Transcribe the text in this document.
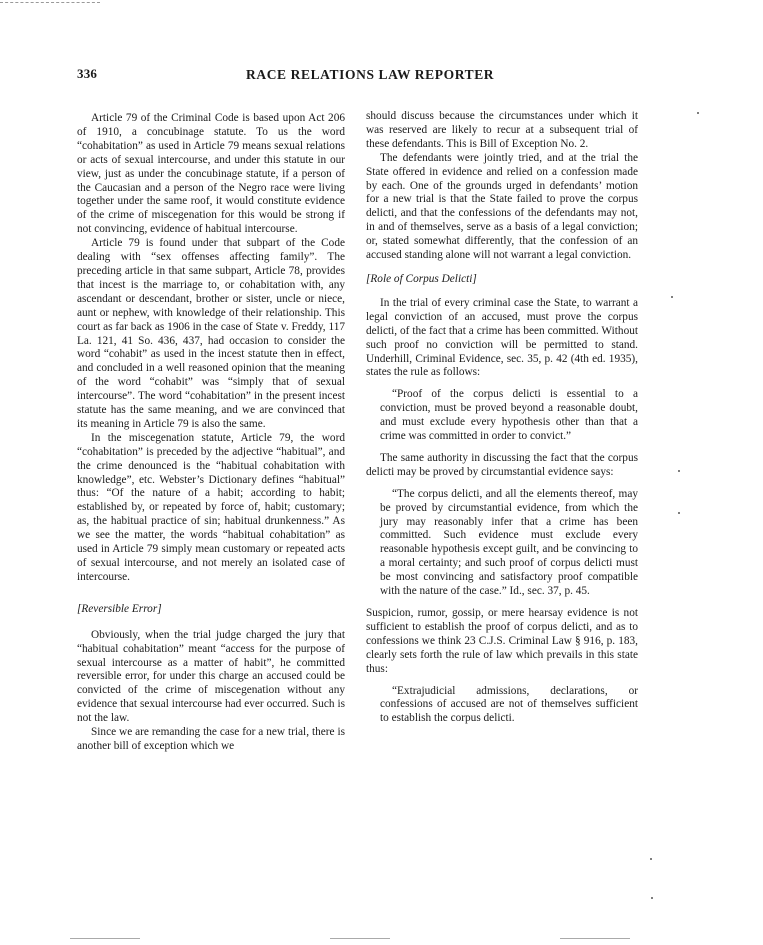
336	RACE RELATIONS LAW REPORTER

Article 79 of the Criminal Code is based upon Act 206 of 1910, a concubinage statute. To us the word “cohabitation” as used in Article 79 means sexual relations or acts of sexual intercourse, and under this statute in our view, just as under the concubinage statute, if a person of the Caucasian and a person of the Negro race were living together under the same roof, it would constitute evidence of the crime of miscegenation for this would be strong if not convincing, evidence of habitual intercourse.

Article 79 is found under that subpart of the Code dealing with “sex offenses affecting family”. The preceding article in that same subpart, Article 78, provides that incest is the marriage to, or cohabitation with, any ascendant or descendant, brother or sister, uncle or niece, aunt or nephew, with knowledge of their relationship. This court as far back as 1906 in the case of State v. Freddy, 117 La. 121, 41 So. 436, 437, had occasion to consider the word “cohabit” as used in the incest statute then in effect, and concluded in a well reasoned opinion that the meaning of the word “cohabit” was “simply that of sexual intercourse”. The word “cohabitation” in the present incest statute has the same meaning, and we are convinced that its meaning in Article 79 is also the same.

In the miscegenation statute, Article 79, the word “cohabitation” is preceded by the adjective “habitual”, and the crime denounced is the “habitual cohabitation with knowledge”, etc. Webster’s Dictionary defines “habitual” thus: “Of the nature of a habit; according to habit; established by, or repeated by force of, habit; customary; as, the habitual practice of sin; habitual drunkenness.” As we see the matter, the words “habitual cohabitation” as used in Article 79 simply mean customary or repeated acts of sexual intercourse, and not merely an isolated case of intercourse.

[Reversible Error]

Obviously, when the trial judge charged the jury that “habitual cohabitation” meant “access for the purpose of sexual intercourse as a matter of habit”, he committed reversible error, for under this charge an accused could be convicted of the crime of miscegenation without any evidence that sexual intercourse had ever occurred. Such is not the law.

Since we are remanding the case for a new trial, there is another bill of exception which we

should discuss because the circumstances under which it was reserved are likely to recur at a subsequent trial of these defendants. This is Bill of Exception No. 2.

The defendants were jointly tried, and at the trial the State offered in evidence and relied on a confession made by each. One of the grounds urged in defendants’ motion for a new trial is that the State failed to prove the corpus delicti, and that the confessions of the defendants may not, in and of themselves, serve as a basis of a legal conviction; or, stated somewhat differently, that the confession of an accused standing alone will not warrant a legal conviction.

[Role of Corpus Delicti]

In the trial of every criminal case the State, to warrant a legal conviction of an accused, must prove the corpus delicti, of the fact that a crime has been committed. Without such proof no conviction will be permitted to stand. Underhill, Criminal Evidence, sec. 35, p. 42 (4th ed. 1935), states the rule as follows:

“Proof of the corpus delicti is essential to a conviction, must be proved beyond a reasonable doubt, and must exclude every hypothesis other than that a crime was committed in order to convict.”

The same authority in discussing the fact that the corpus delicti may be proved by circumstantial evidence says:

“The corpus delicti, and all the elements thereof, may be proved by circumstantial evidence, from which the jury may reasonably infer that a crime has been committed. Such evidence must exclude every reasonable hypothesis except guilt, and be convincing to a moral certainty; and such proof of corpus delicti must be most convincing and satisfactory proof compatible with the nature of the case.” Id., sec. 37, p. 45.

Suspicion, rumor, gossip, or mere hearsay evidence is not sufficient to establish the proof of corpus delicti, and as to confessions we think 23 C.J.S. Criminal Law § 916, p. 183, clearly sets forth the rule of law which prevails in this state thus:

“Extrajudicial admissions, declarations, or confessions of accused are not of themselves sufficient to establish the corpus delicti.
